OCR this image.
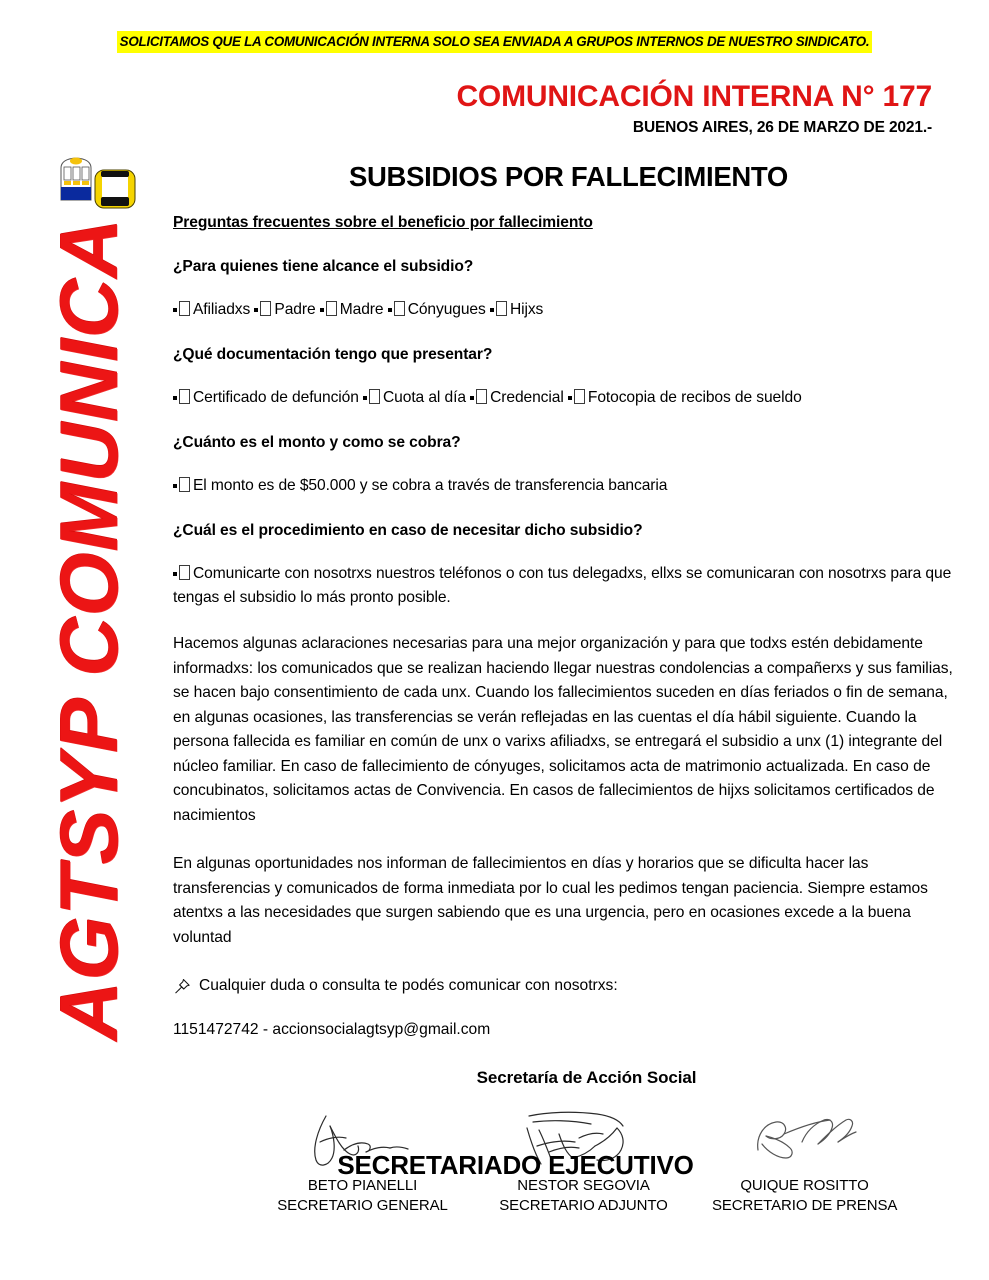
SOLICITAMOS QUE LA COMUNICACIÓN INTERNA SOLO SEA ENVIADA A GRUPOS INTERNOS DE NUESTRO SINDICATO.
COMUNICACIÓN INTERNA N° 177
BUENOS AIRES, 26 DE MARZO DE 2021.-
AGTSYP COMUNICA
SUBSIDIOS POR FALLECIMIENTO
Preguntas frecuentes sobre el beneficio por fallecimiento
¿Para quienes tiene alcance el subsidio?
Afiliadxs Padre Madre Cónyugues Hijxs
¿Qué documentación tengo que presentar?
Certificado de defunción Cuota al día Credencial Fotocopia de recibos de sueldo
¿Cuánto es el monto y como se cobra?
El monto es de $50.000 y se cobra a través de transferencia bancaria
¿Cuál es el procedimiento en caso de necesitar dicho subsidio?
Comunicarte con nosotrxs nuestros teléfonos o con tus delegadxs, ellxs se comunicaran con nosotrxs para que tengas el subsidio lo más pronto posible.
Hacemos algunas aclaraciones necesarias para una mejor organización y para que todxs estén debidamente informadxs: los comunicados que se realizan haciendo llegar nuestras condolencias a compañerxs y sus familias, se hacen bajo consentimiento de cada unx. Cuando los fallecimientos suceden en días feriados o fin de semana, en algunas ocasiones, las transferencias se verán reflejadas en las cuentas el día hábil siguiente. Cuando la persona fallecida es familiar en común de unx o varixs afiliadxs, se entregará el subsidio a unx (1) integrante del núcleo familiar. En caso de fallecimiento de cónyuges, solicitamos acta de matrimonio actualizada. En caso de concubinatos, solicitamos actas de Convivencia. En casos de fallecimientos de hijxs solicitamos certificados de nacimientos
En algunas oportunidades nos informan de fallecimientos en días y horarios que se dificulta hacer las transferencias y comunicados de forma inmediata por lo cual les pedimos tengan paciencia. Siempre estamos atentxs a las necesidades que surgen sabiendo que es una urgencia, pero en ocasiones excede a la buena voluntad
Cualquier duda o consulta te podés comunicar con nosotrxs:
1151472742 - accionsocialagtsyp@gmail.com
Secretaría de Acción Social
BETO PIANELLI
SECRETARIO GENERAL
NESTOR SEGOVIA
SECRETARIO ADJUNTO
QUIQUE ROSITTO
SECRETARIO DE PRENSA
SECRETARIADO EJECUTIVO
